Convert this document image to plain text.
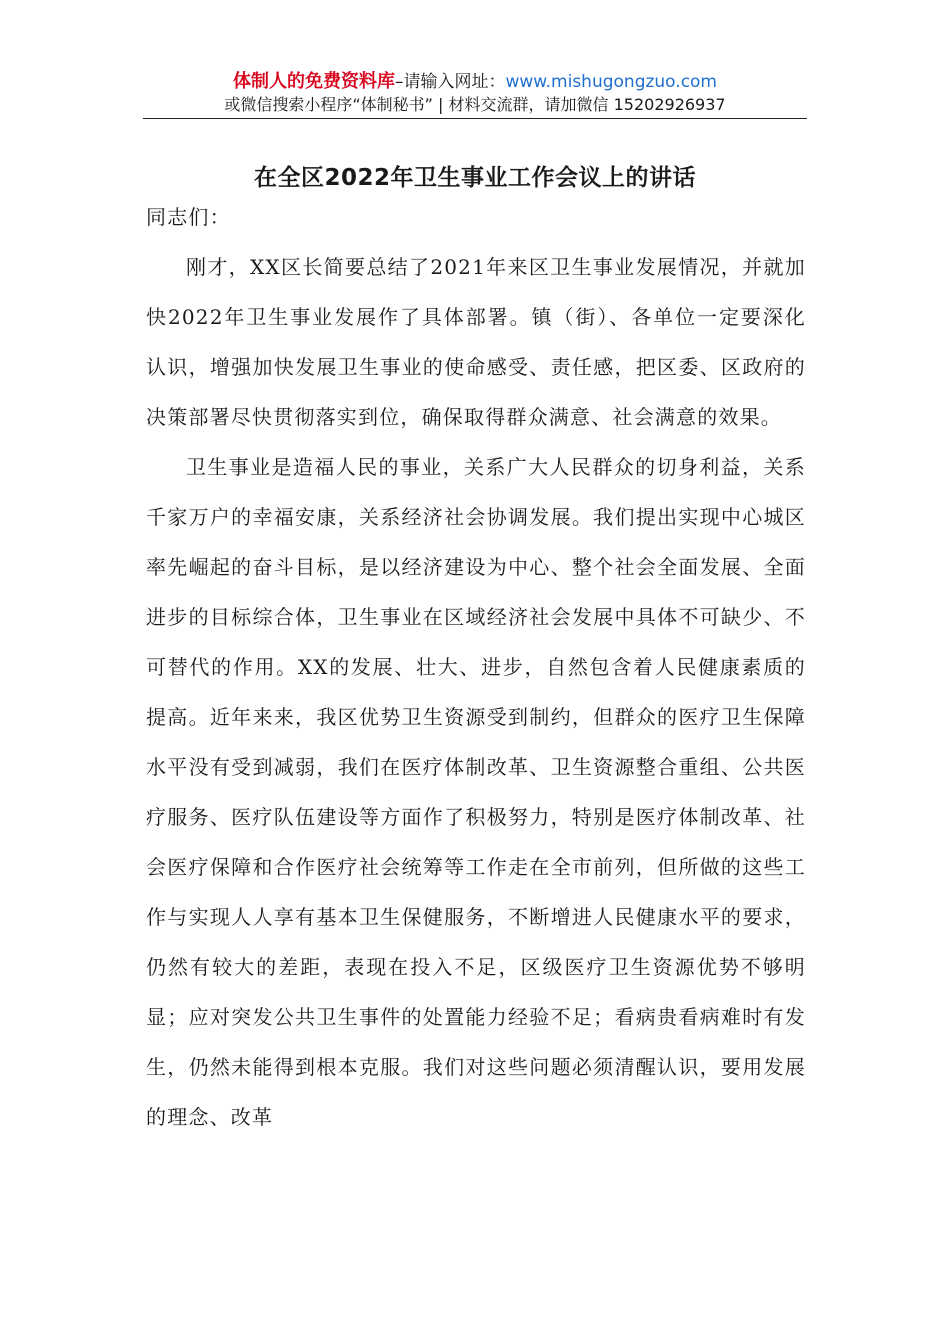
体制人的免费资料库–请输入网址：www.mishugongzuo.com
或微信搜索小程序“体制秘书” | 材料交流群，请加微信 15202926937
在全区2022年卫生事业工作会议上的讲话

同志们：

刚才，XX区长简要总结了2021年来区卫生事业发展情况，并就加快2022年卫生事业发展作了具体部署。镇（街）、各单位一定要深化认识，增强加快发展卫生事业的使命感受、责任感，把区委、区政府的决策部署尽快贯彻落实到位，确保取得群众满意、社会满意的效果。

卫生事业是造福人民的事业，关系广大人民群众的切身利益，关系千家万户的幸福安康，关系经济社会协调发展。我们提出实现中心城区率先崛起的奋斗目标，是以经济建设为中心、整个社会全面发展、全面进步的目标综合体，卫生事业在区域经济社会发展中具体不可缺少、不可替代的作用。XX的发展、壮大、进步，自然包含着人民健康素质的提高。近年来来，我区优势卫生资源受到制约，但群众的医疗卫生保障水平没有受到减弱，我们在医疗体制改革、卫生资源整合重组、公共医疗服务、医疗队伍建设等方面作了积极努力，特别是医疗体制改革、社会医疗保障和合作医疗社会统筹等工作走在全市前列，但所做的这些工作与实现人人享有基本卫生保健服务，不断增进人民健康水平的要求，仍然有较大的差距，表现在投入不足，区级医疗卫生资源优势不够明显；应对突发公共卫生事件的处置能力经验不足；看病贵看病难时有发生，仍然未能得到根本克服。我们对这些问题必须清醒认识，要用发展的理念、改革
